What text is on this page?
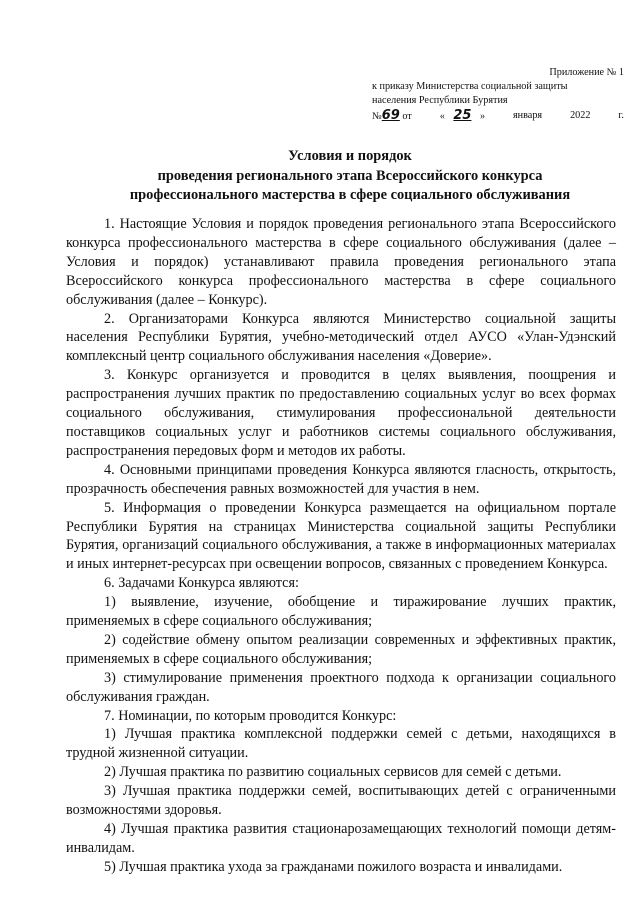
Приложение № 1
к приказу Министерства социальной защиты
населения Республики Бурятия
№69 от	« 25 »	января	2022	г.
Условия и порядок
проведения регионального этапа Всероссийского конкурса
профессионального мастерства в сфере социального обслуживания

1. Настоящие Условия и порядок проведения регионального этапа Всероссийского конкурса профессионального мастерства в сфере социального обслуживания (далее – Условия и порядок) устанавливают правила проведения регионального этапа Всероссийского конкурса профессионального мастерства в сфере социального обслуживания (далее – Конкурс).

2. Организаторами Конкурса являются Министерство социальной защиты населения Республики Бурятия, учебно-методический отдел АУСО «Улан-Удэнский комплексный центр социального обслуживания населения «Доверие».

3. Конкурс организуется и проводится в целях выявления, поощрения и распространения лучших практик по предоставлению социальных услуг во всех формах социального обслуживания, стимулирования профессиональной деятельности поставщиков социальных услуг и работников системы социального обслуживания, распространения передовых форм и методов их работы.

4. Основными принципами проведения Конкурса являются гласность, открытость, прозрачность обеспечения равных возможностей для участия в нем.

5. Информация о проведении Конкурса размещается на официальном портале Республики Бурятия на страницах Министерства социальной защиты Республики Бурятия, организаций социального обслуживания, а также в информационных материалах и иных интернет-ресурсах при освещении вопросов, связанных с проведением Конкурса.

6. Задачами Конкурса являются:

1) выявление, изучение, обобщение и тиражирование лучших практик, применяемых в сфере социального обслуживания;

2) содействие обмену опытом реализации современных и эффективных практик, применяемых в сфере социального обслуживания;

3) стимулирование применения проектного подхода к организации социального обслуживания граждан.

7. Номинации, по которым проводится Конкурс:

1) Лучшая практика комплексной поддержки семей с детьми, находящихся в трудной жизненной ситуации.

2) Лучшая практика по развитию социальных сервисов для семей с детьми.

3) Лучшая практика поддержки семей, воспитывающих детей с ограниченными возможностями здоровья.

4) Лучшая практика развития стационарозамещающих технологий помощи детям-инвалидам.

5) Лучшая практика ухода за гражданами пожилого возраста и инвалидами.
